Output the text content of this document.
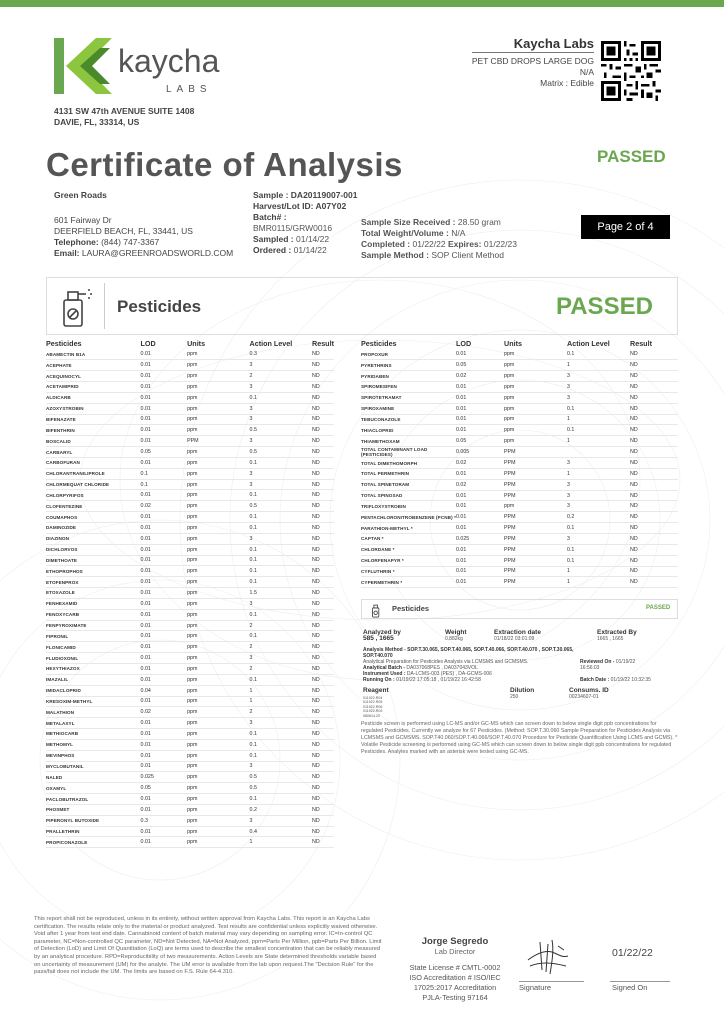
kaycha
LABS
4131 SW 47th AVENUE SUITE 1408
DAVIE, FL, 33314, US
Kaycha Labs
PET CBD DROPS LARGE DOG
N/A
Matrix : Edible
Certificate of Analysis	PASSED
Green Roads
601 Fairway Dr
DEERFIELD BEACH, FL, 33441, US
Telephone: (844) 747-3367
Email: LAURA@GREENROADSWORLD.COM
Sample : DA20119007-001
Harvest/Lot ID: A07Y02
Batch# :
BMR0115/GRW0016
Sampled : 01/14/22
Ordered : 01/14/22
Sample Size Received : 28.50 gram
Total Weight/Volume : N/A
Completed : 01/22/22 Expires: 01/22/23
Sample Method : SOP Client Method
Page 2 of 4
Pesticides	PASSED
Pesticides	LOD	Units	Action Level	Result
ABAMECTIN B1A	0.01	ppm	0.3	ND
ACEPHATE	0.01	ppm	3	ND
ACEQUINOCYL	0.01	ppm	2	ND
ACETAMIPRID	0.01	ppm	3	ND
ALDICARB	0.01	ppm	0.1	ND
AZOXYSTROBIN	0.01	ppm	3	ND
BIFENAZATE	0.01	ppm	3	ND
BIFENTHRIN	0.01	ppm	0.5	ND
BOSCALID	0.01	PPM	3	ND
CARBARYL	0.05	ppm	0.5	ND
CARBOFURAN	0.01	ppm	0.1	ND
CHLORANTRANILIPROLE	0.1	ppm	3	ND
CHLORMEQUAT CHLORIDE	0.1	ppm	3	ND
CHLORPYRIFOS	0.01	ppm	0.1	ND
CLOFENTEZINE	0.02	ppm	0.5	ND
COUMAPHOS	0.01	ppm	0.1	ND
DAMINOZIDE	0.01	ppm	0.1	ND
DIAZINON	0.01	ppm	3	ND
DICHLORVOS	0.01	ppm	0.1	ND
DIMETHOATE	0.01	ppm	0.1	ND
ETHOPROPHOS	0.01	ppm	0.1	ND
ETOFENPROX	0.01	ppm	0.1	ND
ETOXAZOLE	0.01	ppm	1.5	ND
FENHEXAMID	0.01	ppm	3	ND
FENOXYCARB	0.01	ppm	0.1	ND
FENPYROXIMATE	0.01	ppm	2	ND
FIPRONIL	0.01	ppm	0.1	ND
FLONICAMID	0.01	ppm	2	ND
FLUDIOXONIL	0.01	ppm	3	ND
HEXYTHIAZOX	0.01	ppm	2	ND
IMAZALIL	0.01	ppm	0.1	ND
IMIDACLOPRID	0.04	ppm	1	ND
KRESOXIM-METHYL	0.01	ppm	1	ND
MALATHION	0.02	ppm	2	ND
METALAXYL	0.01	ppm	3	ND
METHIOCARB	0.01	ppm	0.1	ND
METHOMYL	0.01	ppm	0.1	ND
MEVINPHOS	0.01	ppm	0.1	ND
MYCLOBUTANIL	0.01	ppm	3	ND
NALED	0.025	ppm	0.5	ND
OXAMYL	0.05	ppm	0.5	ND
PACLOBUTRAZOL	0.01	ppm	0.1	ND
PHOSMET	0.01	ppm	0.2	ND
PIPERONYL BUTOXIDE	0.3	ppm	3	ND
PRALLETHRIN	0.01	ppm	0.4	ND
PROPICONAZOLE	0.01	ppm	1	ND
Pesticides	LOD	Units	Action Level	Result
PROPOXUR	0.01	ppm	0.1	ND
PYRETHRINS	0.05	ppm	1	ND
PYRIDABEN	0.02	ppm	3	ND
SPIROMESIFEN	0.01	ppm	3	ND
SPIROTETRAMAT	0.01	ppm	3	ND
SPIROXAMINE	0.01	ppm	0.1	ND
TEBUCONAZOLE	0.01	ppm	1	ND
THIACLOPRID	0.01	ppm	0.1	ND
THIAMETHOXAM	0.05	ppm	1	ND
TOTAL CONTAMINANT LOAD (PESTICIDES)	0.005	PPM		ND
TOTAL DIMETHOMORPH	0.02	PPM	3	ND
TOTAL PERMETHRIN	0.01	PPM	1	ND
TOTAL SPINETORAM	0.02	PPM	3	ND
TOTAL SPINOSAD	0.01	PPM	3	ND
TRIFLOXYSTROBIN	0.01	ppm	3	ND
PENTACHLORONITROBENZENE (PCNB) *	0.01	PPM	0.2	ND
PARATHION-METHYL *	0.01	PPM	0.1	ND
CAPTAN *	0.025	PPM	3	ND
CHLORDANE *	0.01	PPM	0.1	ND
CHLORFENAPYR *	0.01	PPM	0.1	ND
CYFLUTHRIN *	0.01	PPM	1	ND
CYPERMETHRIN *	0.01	PPM	1	ND
Pesticides	PASSED
Analyzed by
585 , 1665
Weight
0.882kg
Extraction date
01/18/22 03:01:09
Extracted By
1665 , 1665
Analysis Method - SOP.T.30.065, SOP.T.40.065, SOP.T.40.066, SOP.T.40.070 , SOP.T.30.065, SOP.T40.070
Analytical Preparation for Pesticides Analysis via LCMSMS and GCMSMS.
Analytical Batch - DA037068PES , DA037043VOL
Reviewed On - 01/19/22 16:56:03
Instrument Used : DA-LCMS-003 (PES) , DA-GCMS-006
Running On : 01/19/22 17:05:18 , 01/19/22 16:42:58	Batch Date : 01/19/22 10:32:35
Reagent
011922.R04
011922.R05
011922.R06
011922.R03
080614.20
Dilution
250
Consums. ID
00234607-01
Pesticide screen is performed using LC-MS and/or GC-MS which can screen down to below single digit ppb concentrations for regulated Pesticides. Currently we analyze for 67 Pesticides. (Method: SOP.T.30.060 Sample Preparation for Pesticides Analysis via LCMSMS and GCMSMS. SOP.T40.060/SOP.T.40.066/SOP.T.40.070 Procedure for Pesticide Quantification Using LCMS and GCMS). * Volatile Pesticide screening is performed using GC-MS which can screen down to below single digit ppb concentrations for regulated Pesticides. Analytes marked with an asterisk were tested using GC-MS.
This report shall not be reproduced, unless in its entirety, without written approval from Kaycha Labs. This report is an Kaycha Labs certification. The results relate only to the material or product analyzed. Test results are confidential unless explicitly waived otherwise. Void after 1 year from test end date. Cannabinoid content of batch material may vary depending on sampling error. IC=In-control QC parameter, NC=Non-controlled QC parameter, ND=Not Detected, NA=Not Analyzed, ppm=Parts Per Million, ppb=Parts Per Billion. Limit of Detection (LoD) and Limit Of Quantitation (LoQ) are terms used to describe the smallest concentration that can be reliably measured by an analytical procedure. RPD=Reproducibility of two measurements. Action Levels are State determined thresholds variable based on uncertainty of measurement (UM) for the analyte. The UM error is available from the lab upon request.The "Decision Rule" for the pass/fail does not include the UM. The limits are based on F.S. Rule 64-4.310.
Jorge Segredo
Lab Director
State License # CMTL-0002
ISO Accreditation # ISO/IEC 17025:2017 Accreditation
PJLA-Testing 97164
Signature
01/22/22
Signed On
